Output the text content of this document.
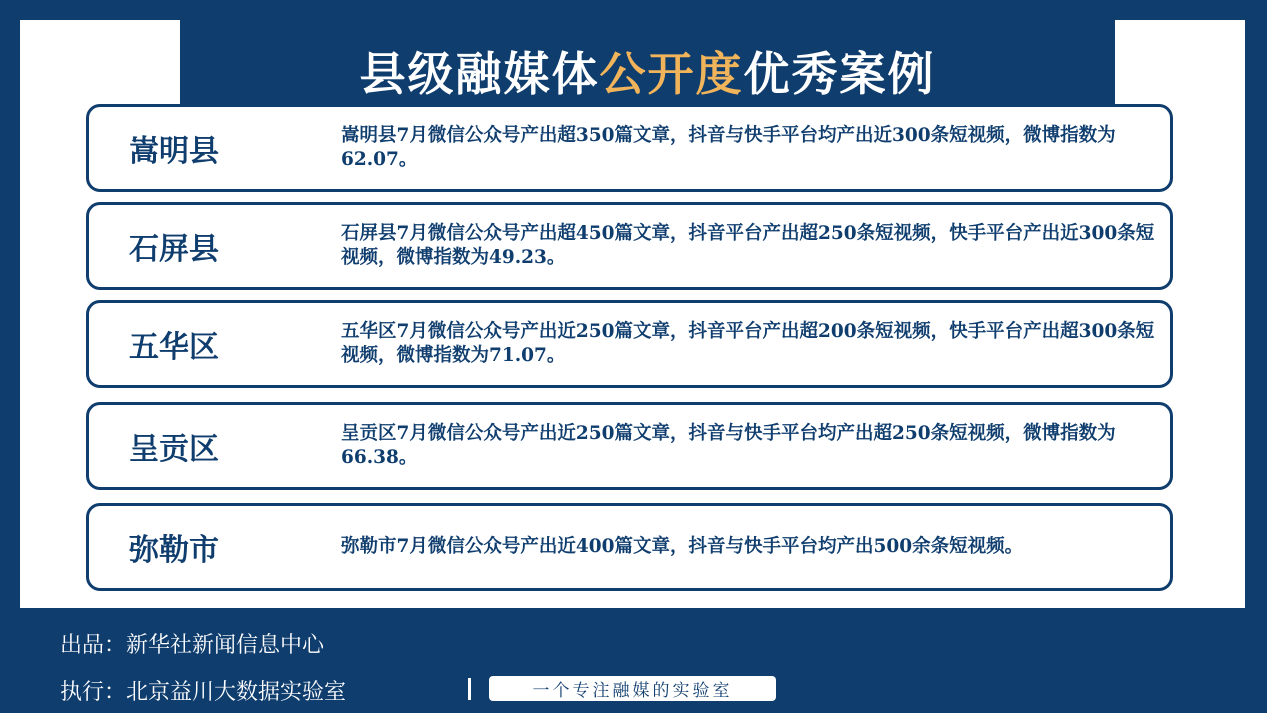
县级融媒体公开度优秀案例
嵩明县	嵩明县7月微信公众号产出超350篇文章，抖音与快手平台均产出近300条短视频，微博指数为62.07。
石屏县	石屏县7月微信公众号产出超450篇文章，抖音平台产出超250条短视频，快手平台产出近300条短视频，微博指数为49.23。
五华区	五华区7月微信公众号产出近250篇文章，抖音平台产出超200条短视频，快手平台产出超300条短视频，微博指数为71.07。
呈贡区	呈贡区7月微信公众号产出近250篇文章，抖音与快手平台均产出超250条短视频，微博指数为66.38。
弥勒市	弥勒市7月微信公众号产出近400篇文章，抖音与快手平台均产出500余条短视频。
出品：新华社新闻信息中心
执行：北京益川大数据实验室	一个专注融媒的实验室
